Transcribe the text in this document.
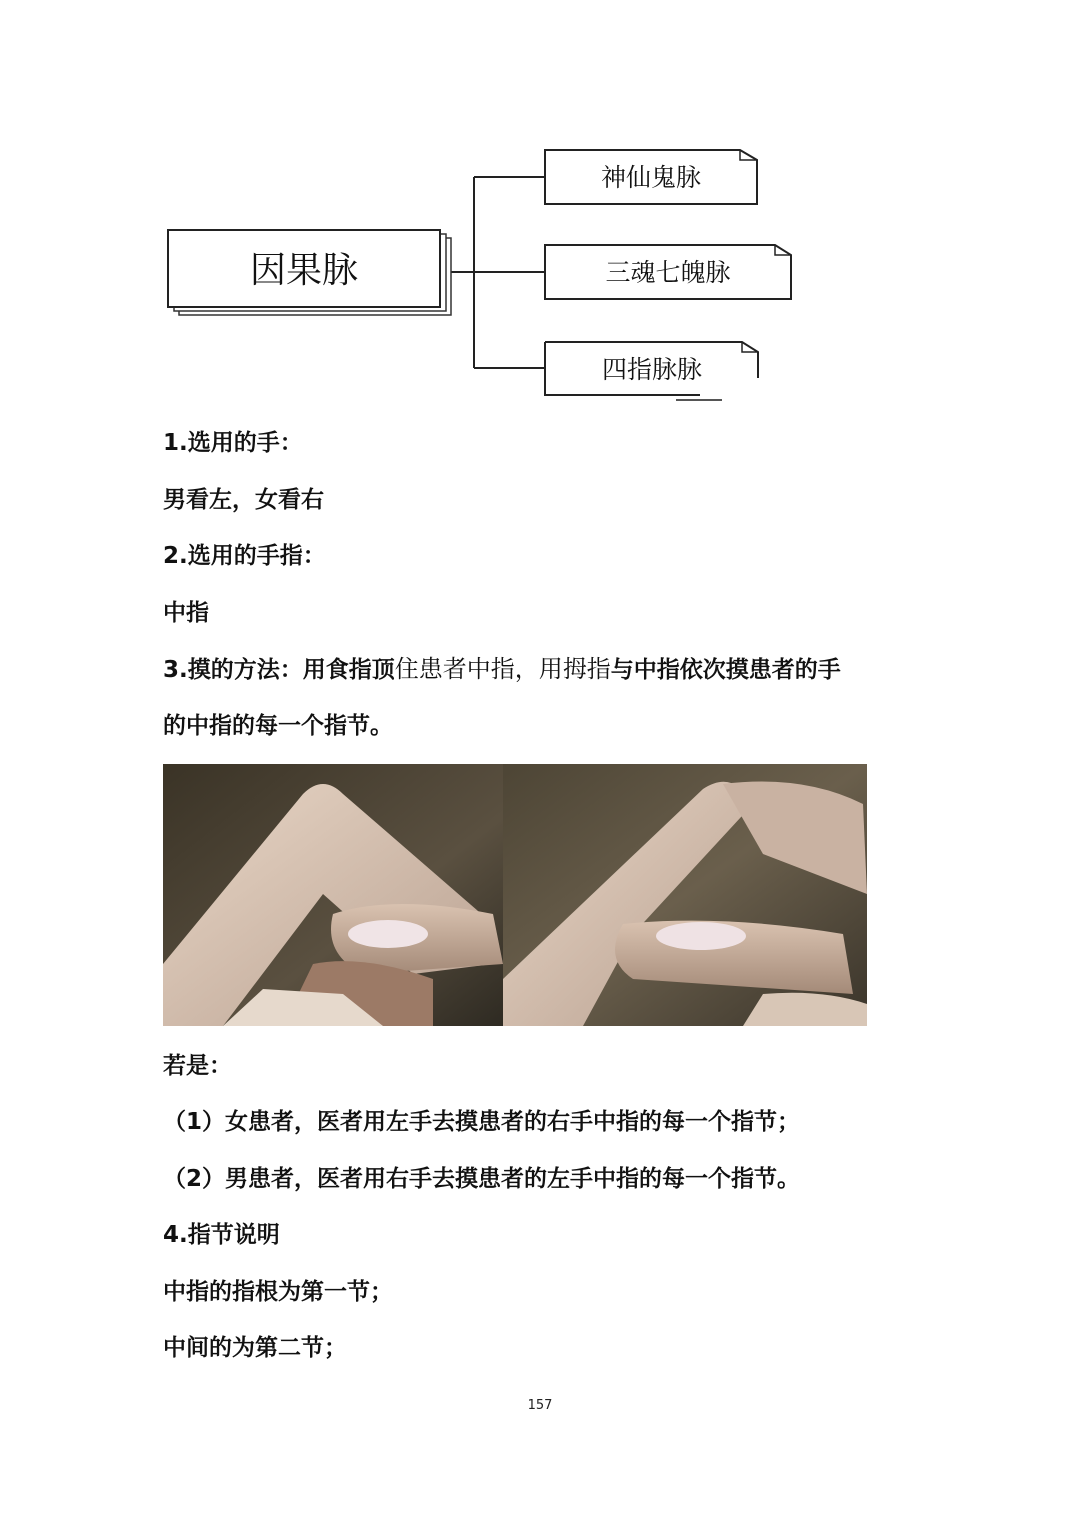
因果脉
神仙鬼脉
三魂七魄脉
四指脉脉
1.选用的手：
男看左，女看右
2.选用的手指：
中指
3.摸的方法：用食指顶住患者中指，用拇指与中指依次摸患者的手
的中指的每一个指节。
若是：
（1）女患者，医者用左手去摸患者的右手中指的每一个指节；
（2）男患者，医者用右手去摸患者的左手中指的每一个指节。
4.指节说明
中指的指根为第一节；
中间的为第二节；
157
